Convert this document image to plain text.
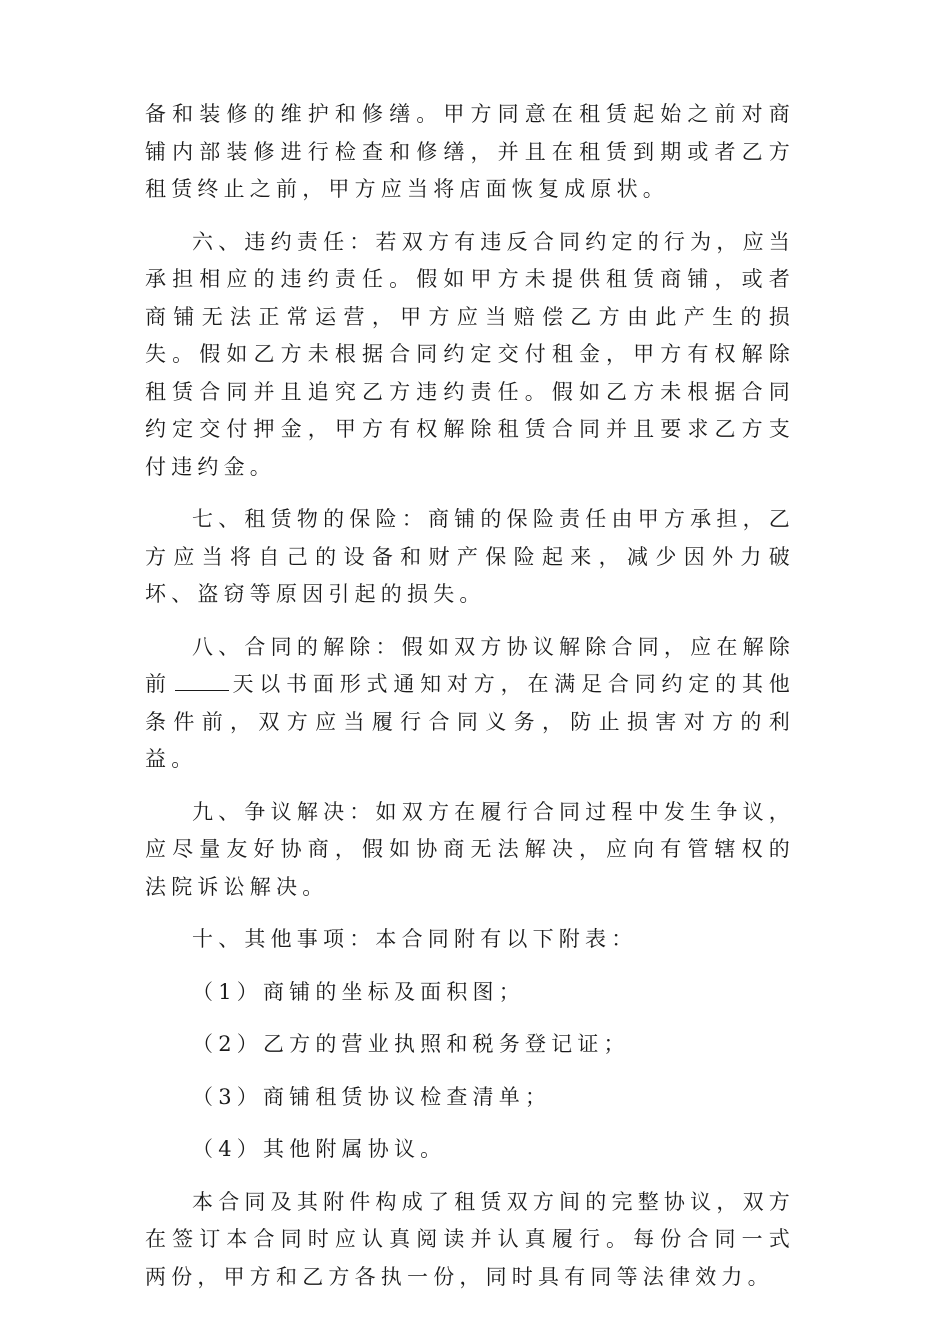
备和装修的维护和修缮。甲方同意在租赁起始之前对商铺内部装修进行检查和修缮，并且在租赁到期或者乙方租赁终止之前，甲方应当将店面恢复成原状。

六、违约责任：若双方有违反合同约定的行为，应当承担相应的违约责任。假如甲方未提供租赁商铺，或者商铺无法正常运营，甲方应当赔偿乙方由此产生的损失。假如乙方未根据合同约定交付租金，甲方有权解除租赁合同并且追究乙方违约责任。假如乙方未根据合同约定交付押金，甲方有权解除租赁合同并且要求乙方支付违约金。

七、租赁物的保险：商铺的保险责任由甲方承担，乙方应当将自己的设备和财产保险起来，减少因外力破坏、盗窃等原因引起的损失。

八、合同的解除：假如双方协议解除合同，应在解除前	天以书面形式通知对方，在满足合同约定的其他条件前，双方应当履行合同义务，防止损害对方的利益。

九、争议解决：如双方在履行合同过程中发生争议，应尽量友好协商，假如协商无法解决，应向有管辖权的法院诉讼解决。

十、其他事项：本合同附有以下附表：

（1）商铺的坐标及面积图；

（2）乙方的营业执照和税务登记证；

（3）商铺租赁协议检查清单；

（4）其他附属协议。

本合同及其附件构成了租赁双方间的完整协议，双方在签订本合同时应认真阅读并认真履行。每份合同一式两份，甲方和乙方各执一份，同时具有同等法律效力。
